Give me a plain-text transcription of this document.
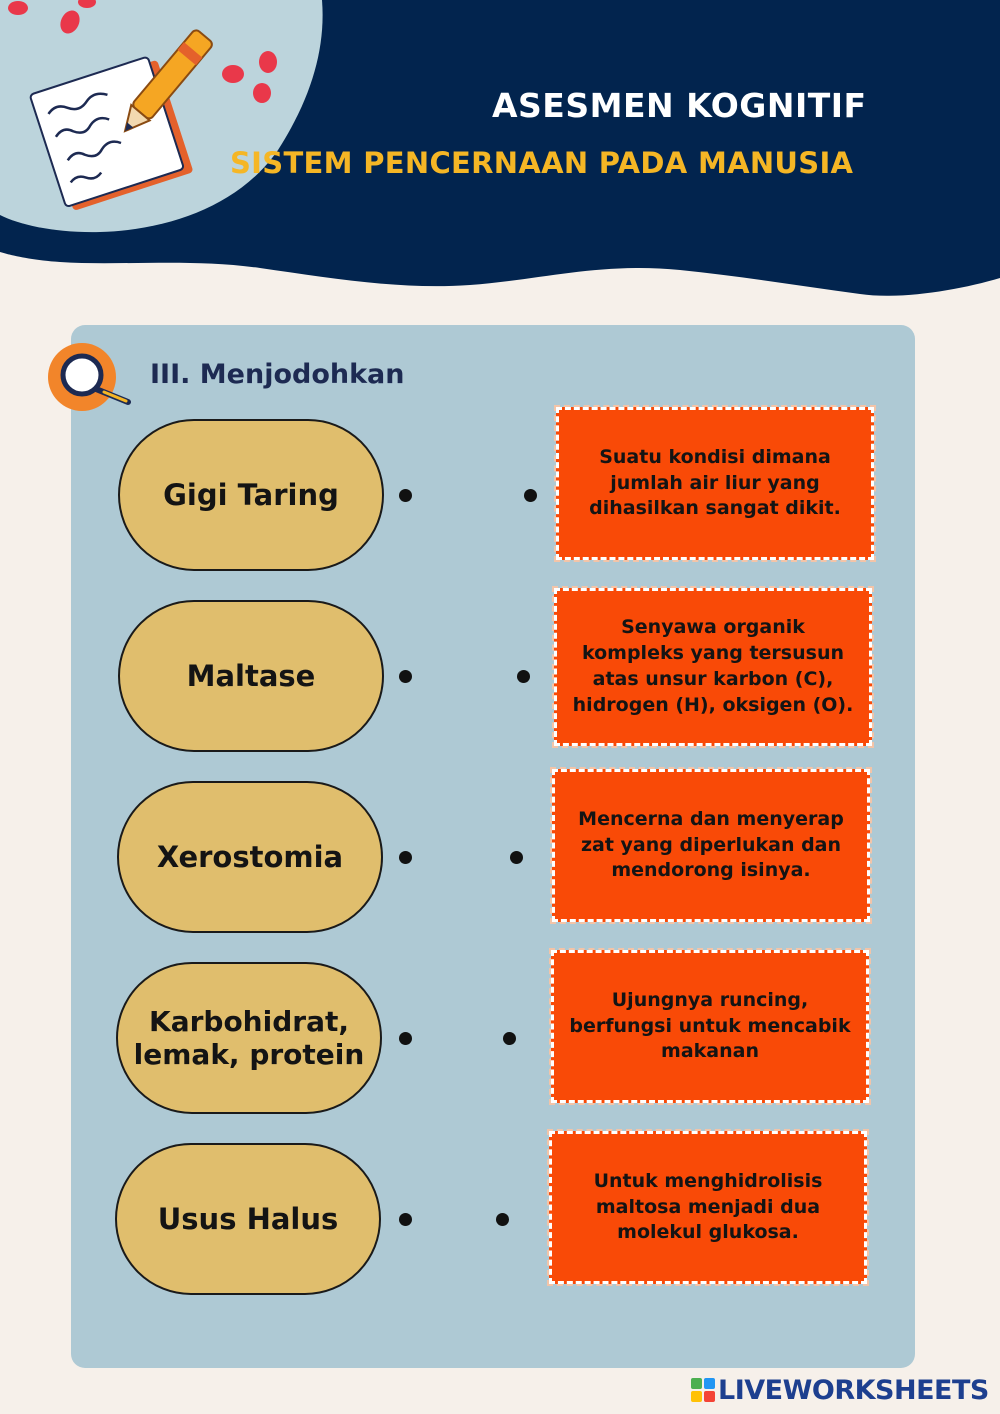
ASESMEN KOGNITIF
SISTEM PENCERNAAN PADA MANUSIA
III. Menjodohkan
Gigi Taring
Maltase
Xerostomia
Karbohidrat,
lemak, protein
Usus Halus
Suatu kondisi dimana jumlah air liur yang dihasilkan sangat dikit.
Senyawa organik kompleks yang tersusun atas unsur karbon (C), hidrogen (H), oksigen (O).
Mencerna dan menyerap zat yang diperlukan dan mendorong isinya.
Ujungnya runcing, berfungsi untuk mencabik makanan
Untuk menghidrolisis maltosa menjadi dua molekul glukosa.
LIVEWORKSHEETS
